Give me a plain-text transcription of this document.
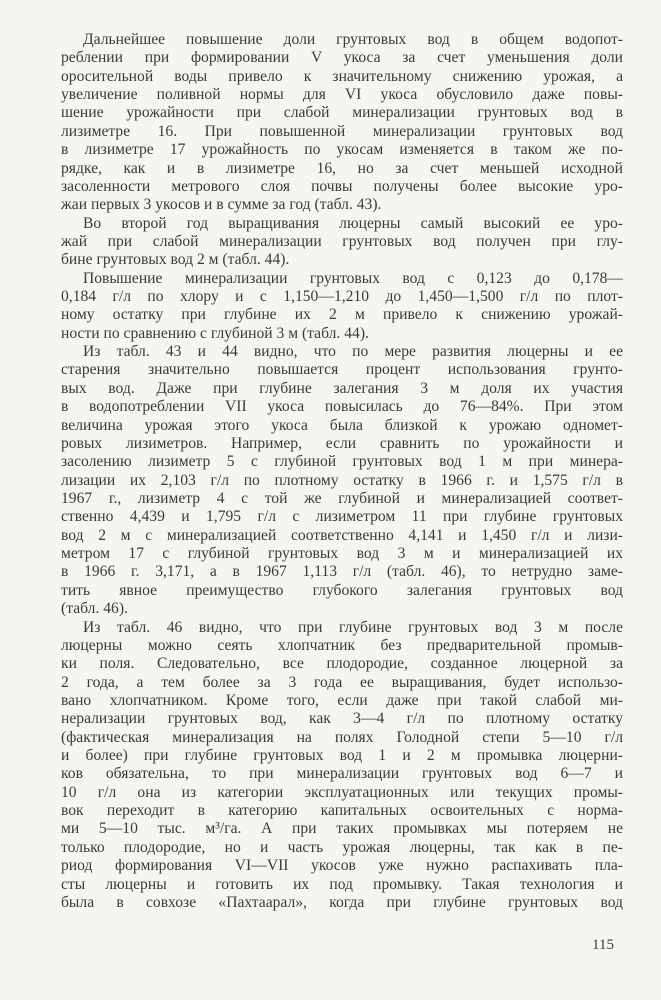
Дальнейшее повышение доли грунтовых вод в общем водопот-
реблении при формировании V укоса за счет уменьшения доли
оросительной воды привело к значительному снижению урожая, а
увеличение поливной нормы для VI укоса обусловило даже повы-
шение урожайности при слабой минерализации грунтовых вод в
лизиметре 16. При повышенной минерализации грунтовых вод
в лизиметре 17 урожайность по укосам изменяется в таком же по-
рядке, как и в лизиметре 16, но за счет меньшей исходной
засоленности метрового слоя почвы получены более высокие уро-
жаи первых 3 укосов и в сумме за год (табл. 43).
Во второй год выращивания люцерны самый высокий ее уро-
жай при слабой минерализации грунтовых вод получен при глу-
бине грунтовых вод 2 м (табл. 44).
Повышение минерализации грунтовых вод с 0,123 до 0,178—
0,184 г/л по хлору и с 1,150—1,210 до 1,450—1,500 г/л по плот-
ному остатку при глубине их 2 м привело к снижению урожай-
ности по сравнению с глубиной 3 м (табл. 44).
Из табл. 43 и 44 видно, что по мере развития люцерны и ее
старения значительно повышается процент использования грунто-
вых вод. Даже при глубине залегания 3 м доля их участия
в водопотреблении VII укоса повысилась до 76—84%. При этом
величина урожая этого укоса была близкой к урожаю одномет-
ровых лизиметров. Например, если сравнить по урожайности и
засолению лизиметр 5 с глубиной грунтовых вод 1 м при минера-
лизации их 2,103 г/л по плотному остатку в 1966 г. и 1,575 г/л в
1967 г., лизиметр 4 с той же глубиной и минерализацией соответ-
ственно 4,439 и 1,795 г/л с лизиметром 11 при глубине грунтовых
вод 2 м с минерализацией соответственно 4,141 и 1,450 г/л и лизи-
метром 17 с глубиной грунтовых вод 3 м и минерализацией их
в 1966 г. 3,171, а в 1967 1,113 г/л (табл. 46), то нетрудно заме-
тить явное преимущество глубокого залегания грунтовых вод
(табл. 46).
Из табл. 46 видно, что при глубине грунтовых вод 3 м после
люцерны можно сеять хлопчатник без предварительной промыв-
ки поля. Следовательно, все плодородие, созданное люцерной за
2 года, а тем более за 3 года ее выращивания, будет использо-
вано хлопчатником. Кроме того, если даже при такой слабой ми-
нерализации грунтовых вод, как 3—4 г/л по плотному остатку
(фактическая минерализация на полях Голодной степи 5—10 г/л
и более) при глубине грунтовых вод 1 и 2 м промывка люцерни-
ков обязательна, то при минерализации грунтовых вод 6—7 и
10 г/л она из категории эксплуатационных или текущих промы-
вок переходит в категорию капитальных освоительных с норма-
ми 5—10 тыс. м³/га. А при таких промывках мы потеряем не
только плодородие, но и часть урожая люцерны, так как в пе-
риод формирования VI—VII укосов уже нужно распахивать пла-
сты люцерны и готовить их под промывку. Такая технология и
была в совхозе «Пахтаарал», когда при глубине грунтовых вод
115
